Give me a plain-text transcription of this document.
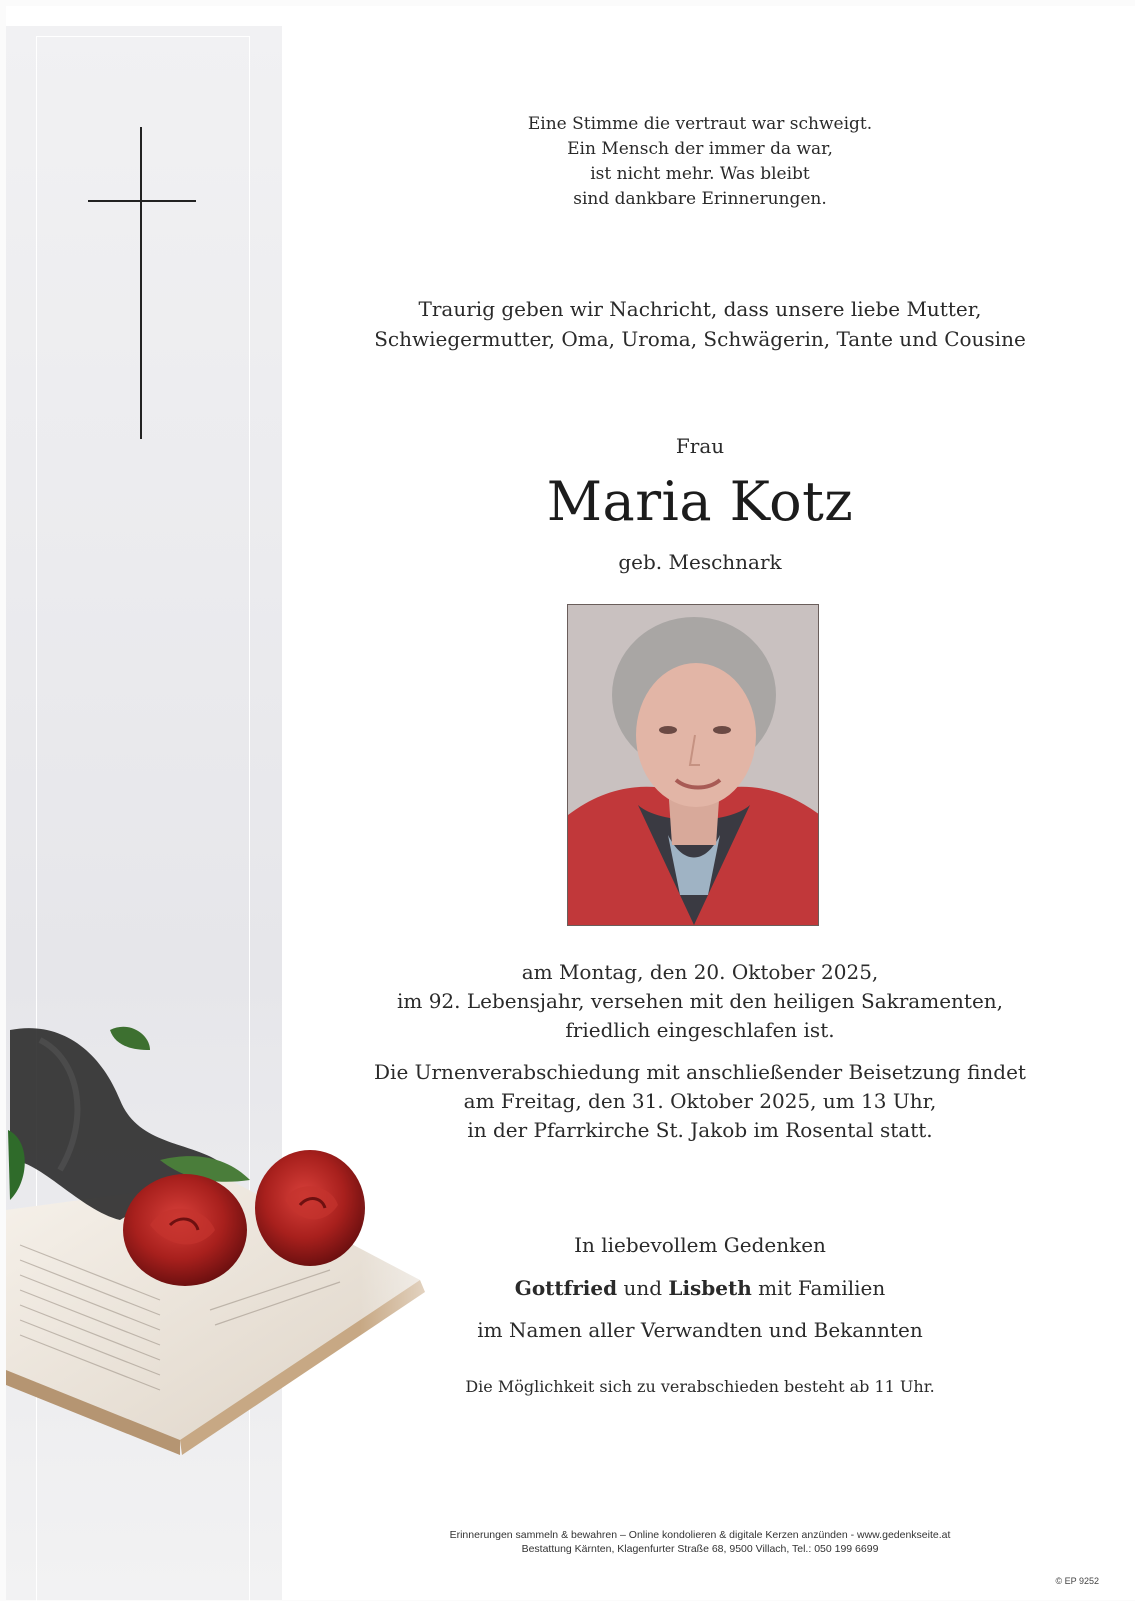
Eine Stimme die vertraut war schweigt.
Ein Mensch der immer da war,
ist nicht mehr. Was bleibt
sind dankbare Erinnerungen.
Traurig geben wir Nachricht, dass unsere liebe Mutter,
Schwiegermutter, Oma, Uroma, Schwägerin, Tante und Cousine
Frau
Maria Kotz
geb. Meschnark
am Montag, den 20. Oktober 2025,
im 92. Lebensjahr, versehen mit den heiligen Sakramenten,
friedlich eingeschlafen ist.
Die Urnenverabschiedung mit anschließender Beisetzung findet
am Freitag, den 31. Oktober 2025, um 13 Uhr,
in der Pfarrkirche St. Jakob im Rosental statt.
In liebevollem Gedenken
Gottfried und Lisbeth mit Familien
im Namen aller Verwandten und Bekannten
Die Möglichkeit sich zu verabschieden besteht ab 11 Uhr.
Erinnerungen sammeln & bewahren – Online kondolieren & digitale Kerzen anzünden - www.gedenkseite.at
Bestattung Kärnten, Klagenfurter Straße 68, 9500 Villach, Tel.: 050 199 6699
© EP 9252
